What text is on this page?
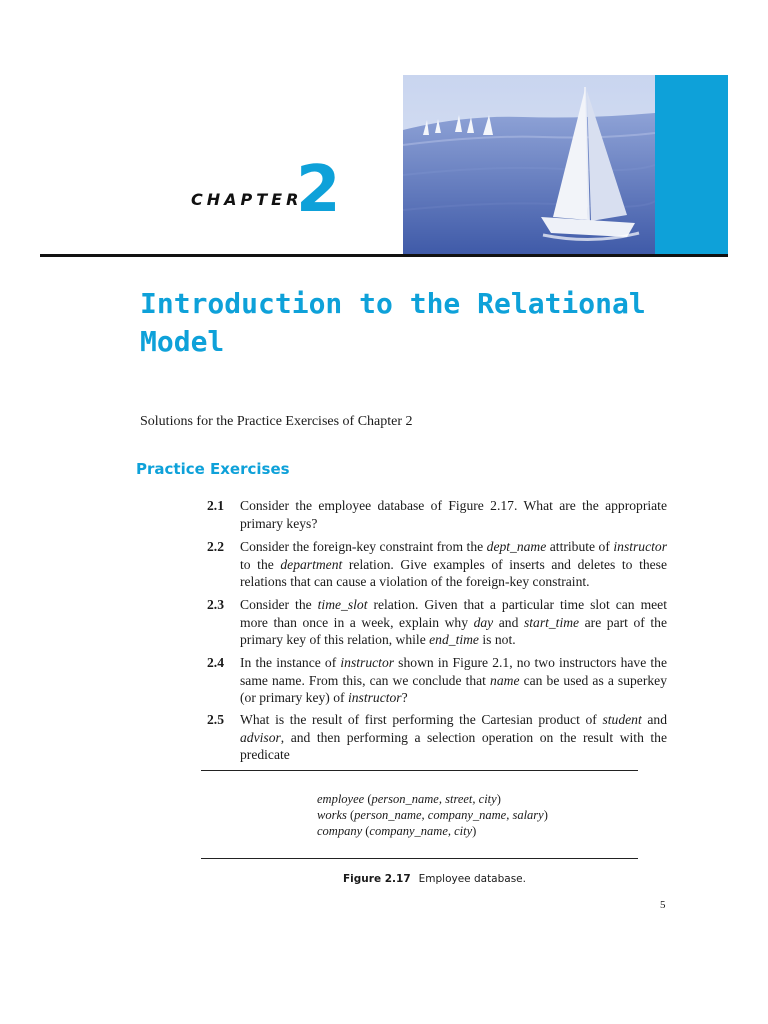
CHAPTER
2
Introduction to the Relational Model
Solutions for the Practice Exercises of Chapter 2
Practice Exercises
2.1 Consider the employee database of Figure 2.17. What are the appropriate primary keys?
2.2 Consider the foreign-key constraint from the dept_name attribute of instructor to the department relation. Give examples of inserts and deletes to these relations that can cause a violation of the foreign-key constraint.
2.3 Consider the time_slot relation. Given that a particular time slot can meet more than once in a week, explain why day and start_time are part of the primary key of this relation, while end_time is not.
2.4 In the instance of instructor shown in Figure 2.1, no two instructors have the same name. From this, can we conclude that name can be used as a superkey (or primary key) of instructor?
2.5 What is the result of first performing the Cartesian product of student and advisor, and then performing a selection operation on the result with the predicate
employee (person_name, street, city)
works (person_name, company_name, salary)
company (company_name, city)
Figure 2.17 Employee database.
5
